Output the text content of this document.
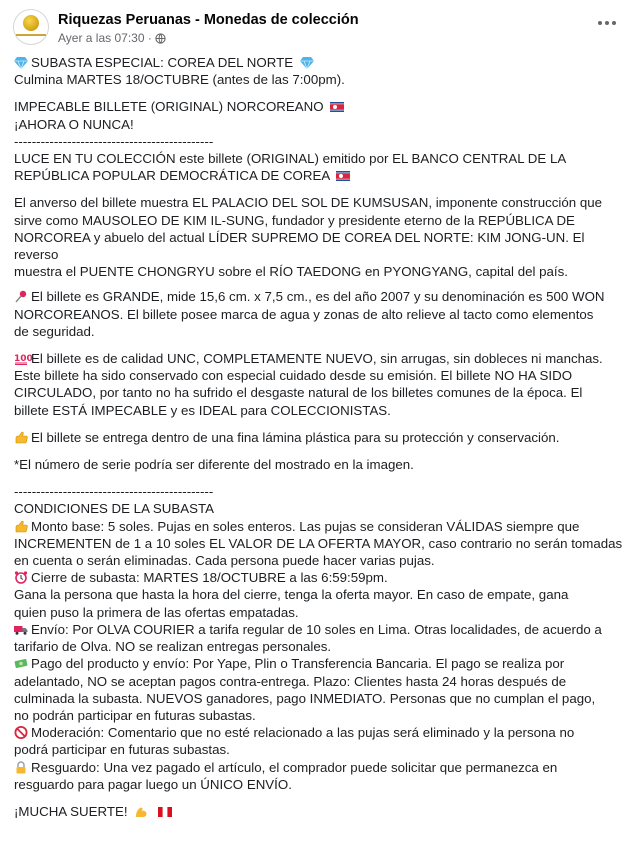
Riquezas Peruanas - Monedas de colección
Ayer a las 07:30 ·

SUBASTA ESPECIAL: COREA DEL NORTE

Culmina MARTES 18/OCTUBRE (antes de las 7:00pm).

IMPECABLE BILLETE (ORIGINAL) NORCOREANO

¡AHORA O NUNCA!

---------------------------------------------

LUCE EN TU COLECCIÓN este billete (ORIGINAL) emitido por EL BANCO CENTRAL DE LA

REPÚBLICA POPULAR DEMOCRÁTICA DE COREA

El anverso del billete muestra EL PALACIO DEL SOL DE KUMSUSAN, imponente construcción que

sirve como MAUSOLEO DE KIM IL-SUNG, fundador y presidente eterno de la REPÚBLICA DE

NORCOREA y abuelo del actual LÍDER SUPREMO DE COREA DEL NORTE: KIM JONG-UN. El reverso

muestra el PUENTE CHONGRYU sobre el RÍO TAEDONG en PYONGYANG, capital del país.

El billete es GRANDE, mide 15,6 cm. x 7,5 cm., es del año 2007 y su denominación es 500 WON

NORCOREANOS. El billete posee marca de agua y zonas de alto relieve al tacto como elementos

de seguridad.

100
El billete es de calidad UNC, COMPLETAMENTE NUEVO, sin arrugas, sin dobleces ni manchas.

Este billete ha sido conservado con especial cuidado desde su emisión. El billete NO HA SIDO

CIRCULADO, por tanto no ha sufrido el desgaste natural de los billetes comunes de la época. El

billete ESTÁ IMPECABLE y es IDEAL para COLECCIONISTAS.

El billete se entrega dentro de una fina lámina plástica para su protección y conservación.

*El número de serie podría ser diferente del mostrado en la imagen.

---------------------------------------------

CONDICIONES DE LA SUBASTA

Monto base: 5 soles. Pujas en soles enteros. Las pujas se consideran VÁLIDAS siempre que

INCREMENTEN de 1 a 10 soles EL VALOR DE LA OFERTA MAYOR, caso contrario no serán tomadas

en cuenta o serán eliminadas. Cada persona puede hacer varias pujas.

Cierre de subasta: MARTES 18/OCTUBRE a las 6:59:59pm.

Gana la persona que hasta la hora del cierre, tenga la oferta mayor. En caso de empate, gana

quien puso la primera de las ofertas empatadas.

Envío: Por OLVA COURIER a tarifa regular de 10 soles en Lima. Otras localidades, de acuerdo a

tarifario de Olva. NO se realizan entregas personales.

Pago del producto y envío: Por Yape, Plin o Transferencia Bancaria. El pago se realiza por

adelantado, NO se aceptan pagos contra-entrega. Plazo: Clientes hasta 24 horas después de

culminada la subasta. NUEVOS ganadores, pago INMEDIATO. Personas que no cumplan el pago,

no podrán participar en futuras subastas.

Moderación: Comentario que no esté relacionado a las pujas será eliminado y la persona no

podrá participar en futuras subastas.

Resguardo: Una vez pagado el artículo, el comprador puede solicitar que permanezca en

resguardo para pagar luego un ÚNICO ENVÍO.

¡MUCHA SUERTE!
